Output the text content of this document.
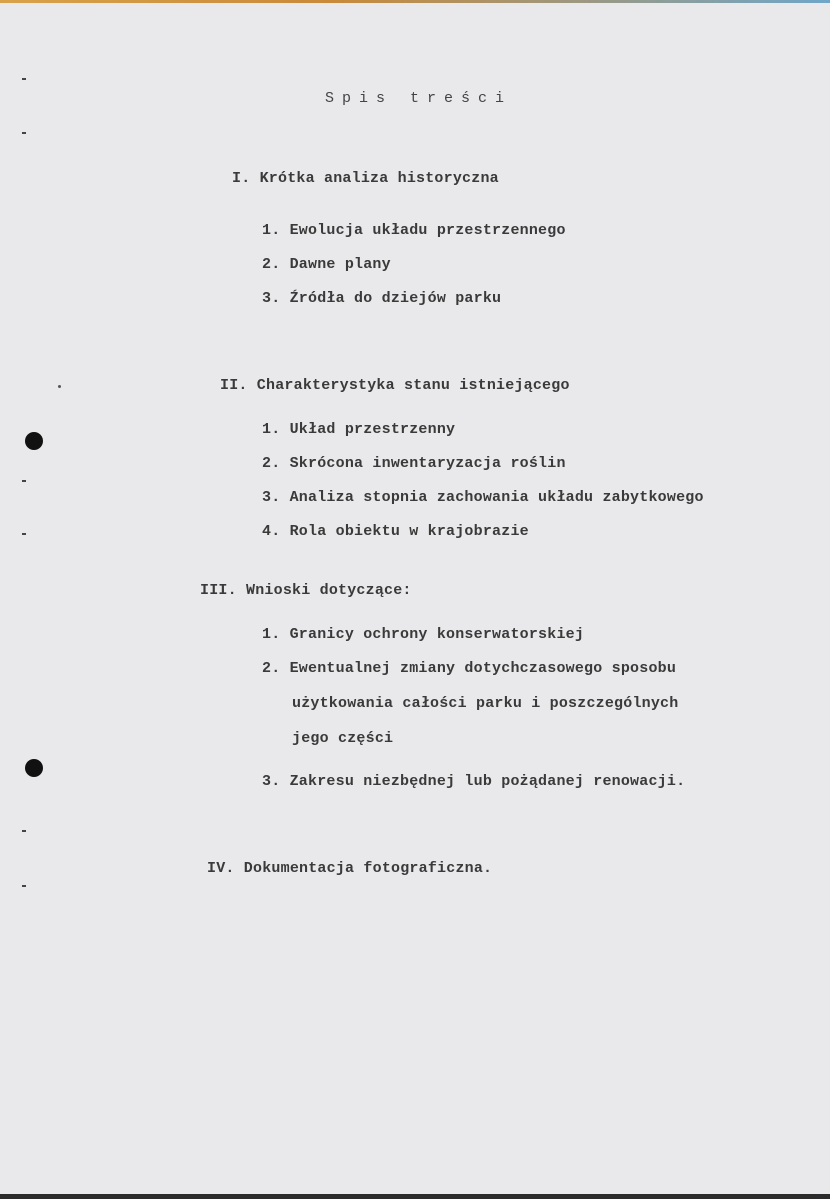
Spis treści
I. Krótka analiza historyczna
1. Ewolucja układu przestrzennego
2. Dawne plany
3. Źródła do dziejów parku
II. Charakterystyka stanu istniejącego
1. Układ przestrzenny
2. Skrócona inwentaryzacja roślin
3. Analiza stopnia zachowania układu zabytkowego
4. Rola obiektu w krajobrazie
III. Wnioski dotyczące:
1. Granicy ochrony konserwatorskiej
2. Ewentualnej zmiany dotychczasowego sposobu
użytkowania całości parku i poszczególnych
jego części
3. Zakresu niezbędnej lub pożądanej renowacji.
IV. Dokumentacja fotograficzna.
